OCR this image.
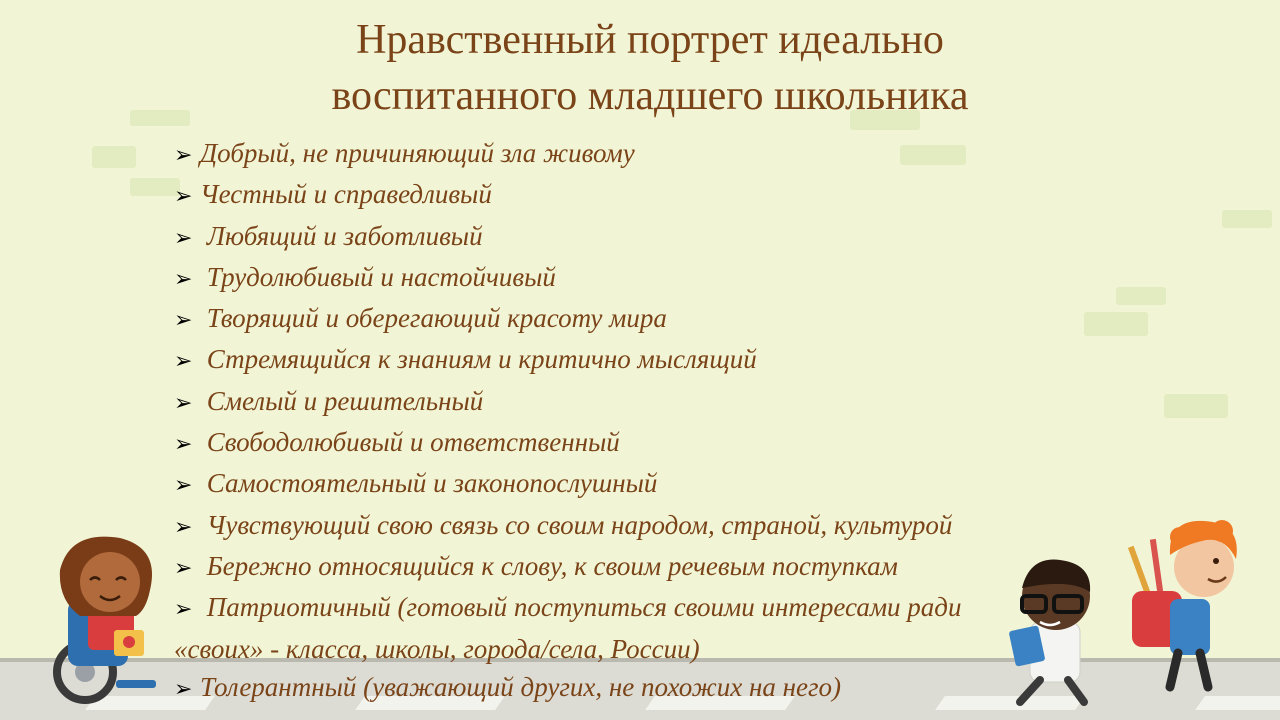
Нравственный портрет идеально
воспитанного младшего школьника
➢ Добрый, не причиняющий зла живому
➢ Честный и справедливый
➢ Любящий и заботливый
➢ Трудолюбивый и настойчивый
➢ Творящий и оберегающий красоту мира
➢ Стремящийся к знаниям и критично мыслящий
➢ Смелый и решительный
➢ Свободолюбивый и ответственный
➢ Самостоятельный и законопослушный
➢ Чувствующий свою связь со своим народом, страной, культурой
➢ Бережно относящийся к слову, к своим речевым поступкам
➢ Патриотичный (готовый поступиться своими интересами ради «своих» - класса, школы, города/села, России)
➢ Толерантный (уважающий других, не похожих на него)
